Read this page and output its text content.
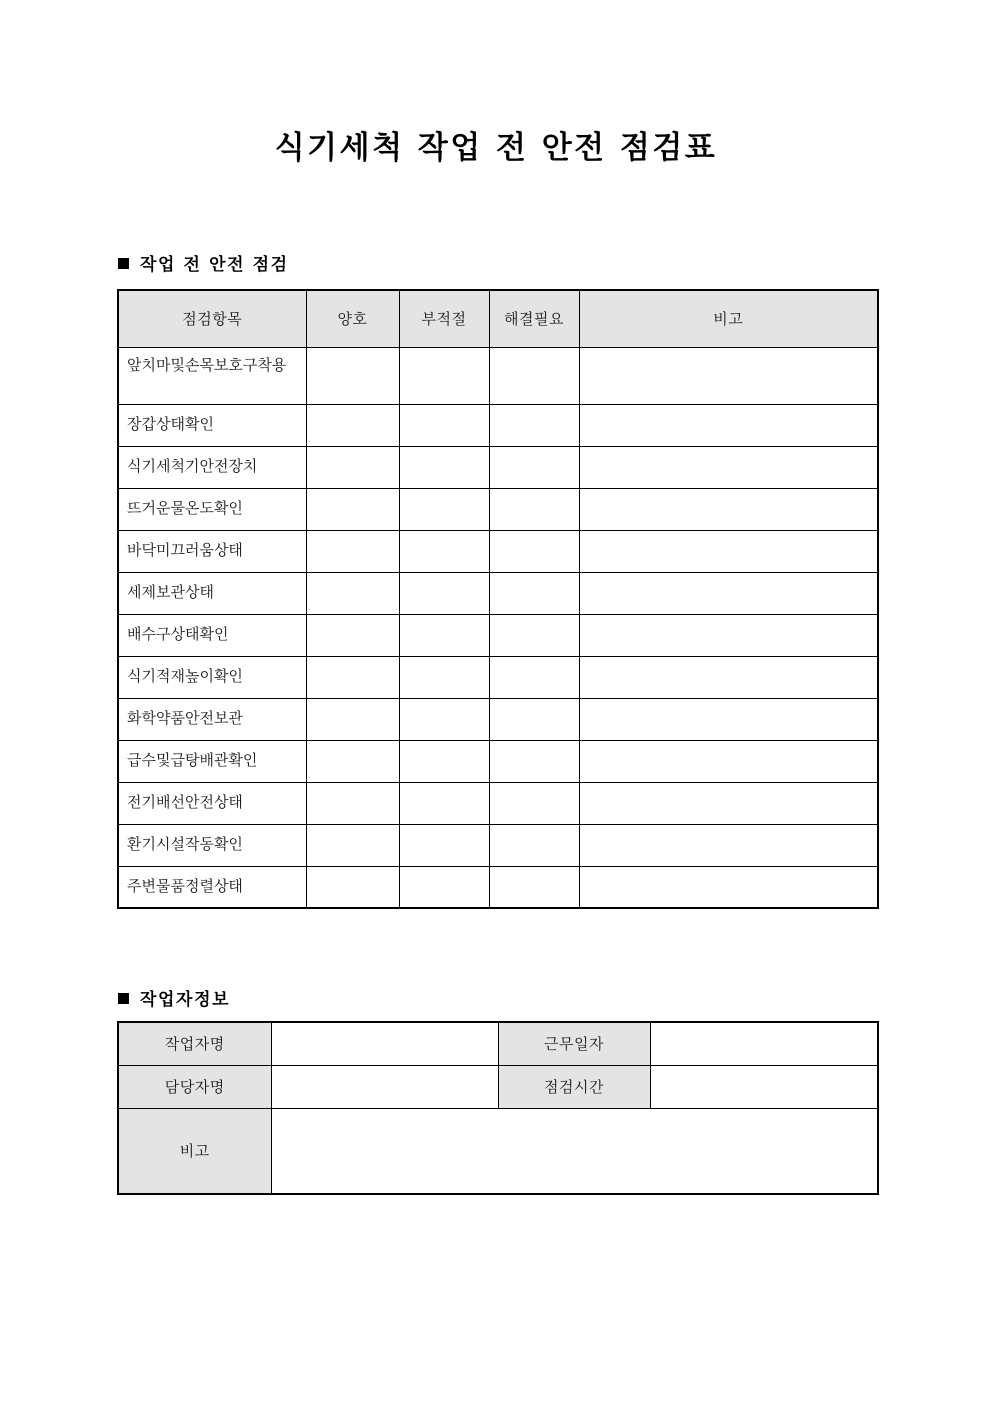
식기세척 작업 전 안전 점검표
작업 전 안전 점검
점검항목	양호	부적절	해결필요	비고
앞치마및손목보호구착용				
장갑상태확인				
식기세척기안전장치				
뜨거운물온도확인				
바닥미끄러움상태				
세제보관상태				
배수구상태확인				
식기적재높이확인				
화학약품안전보관				
급수및급탕배관확인				
전기배선안전상태				
환기시설작동확인				
주변물품정렬상태				
작업자정보
작업자명		근무일자	
담당자명		점검시간	
비고			
